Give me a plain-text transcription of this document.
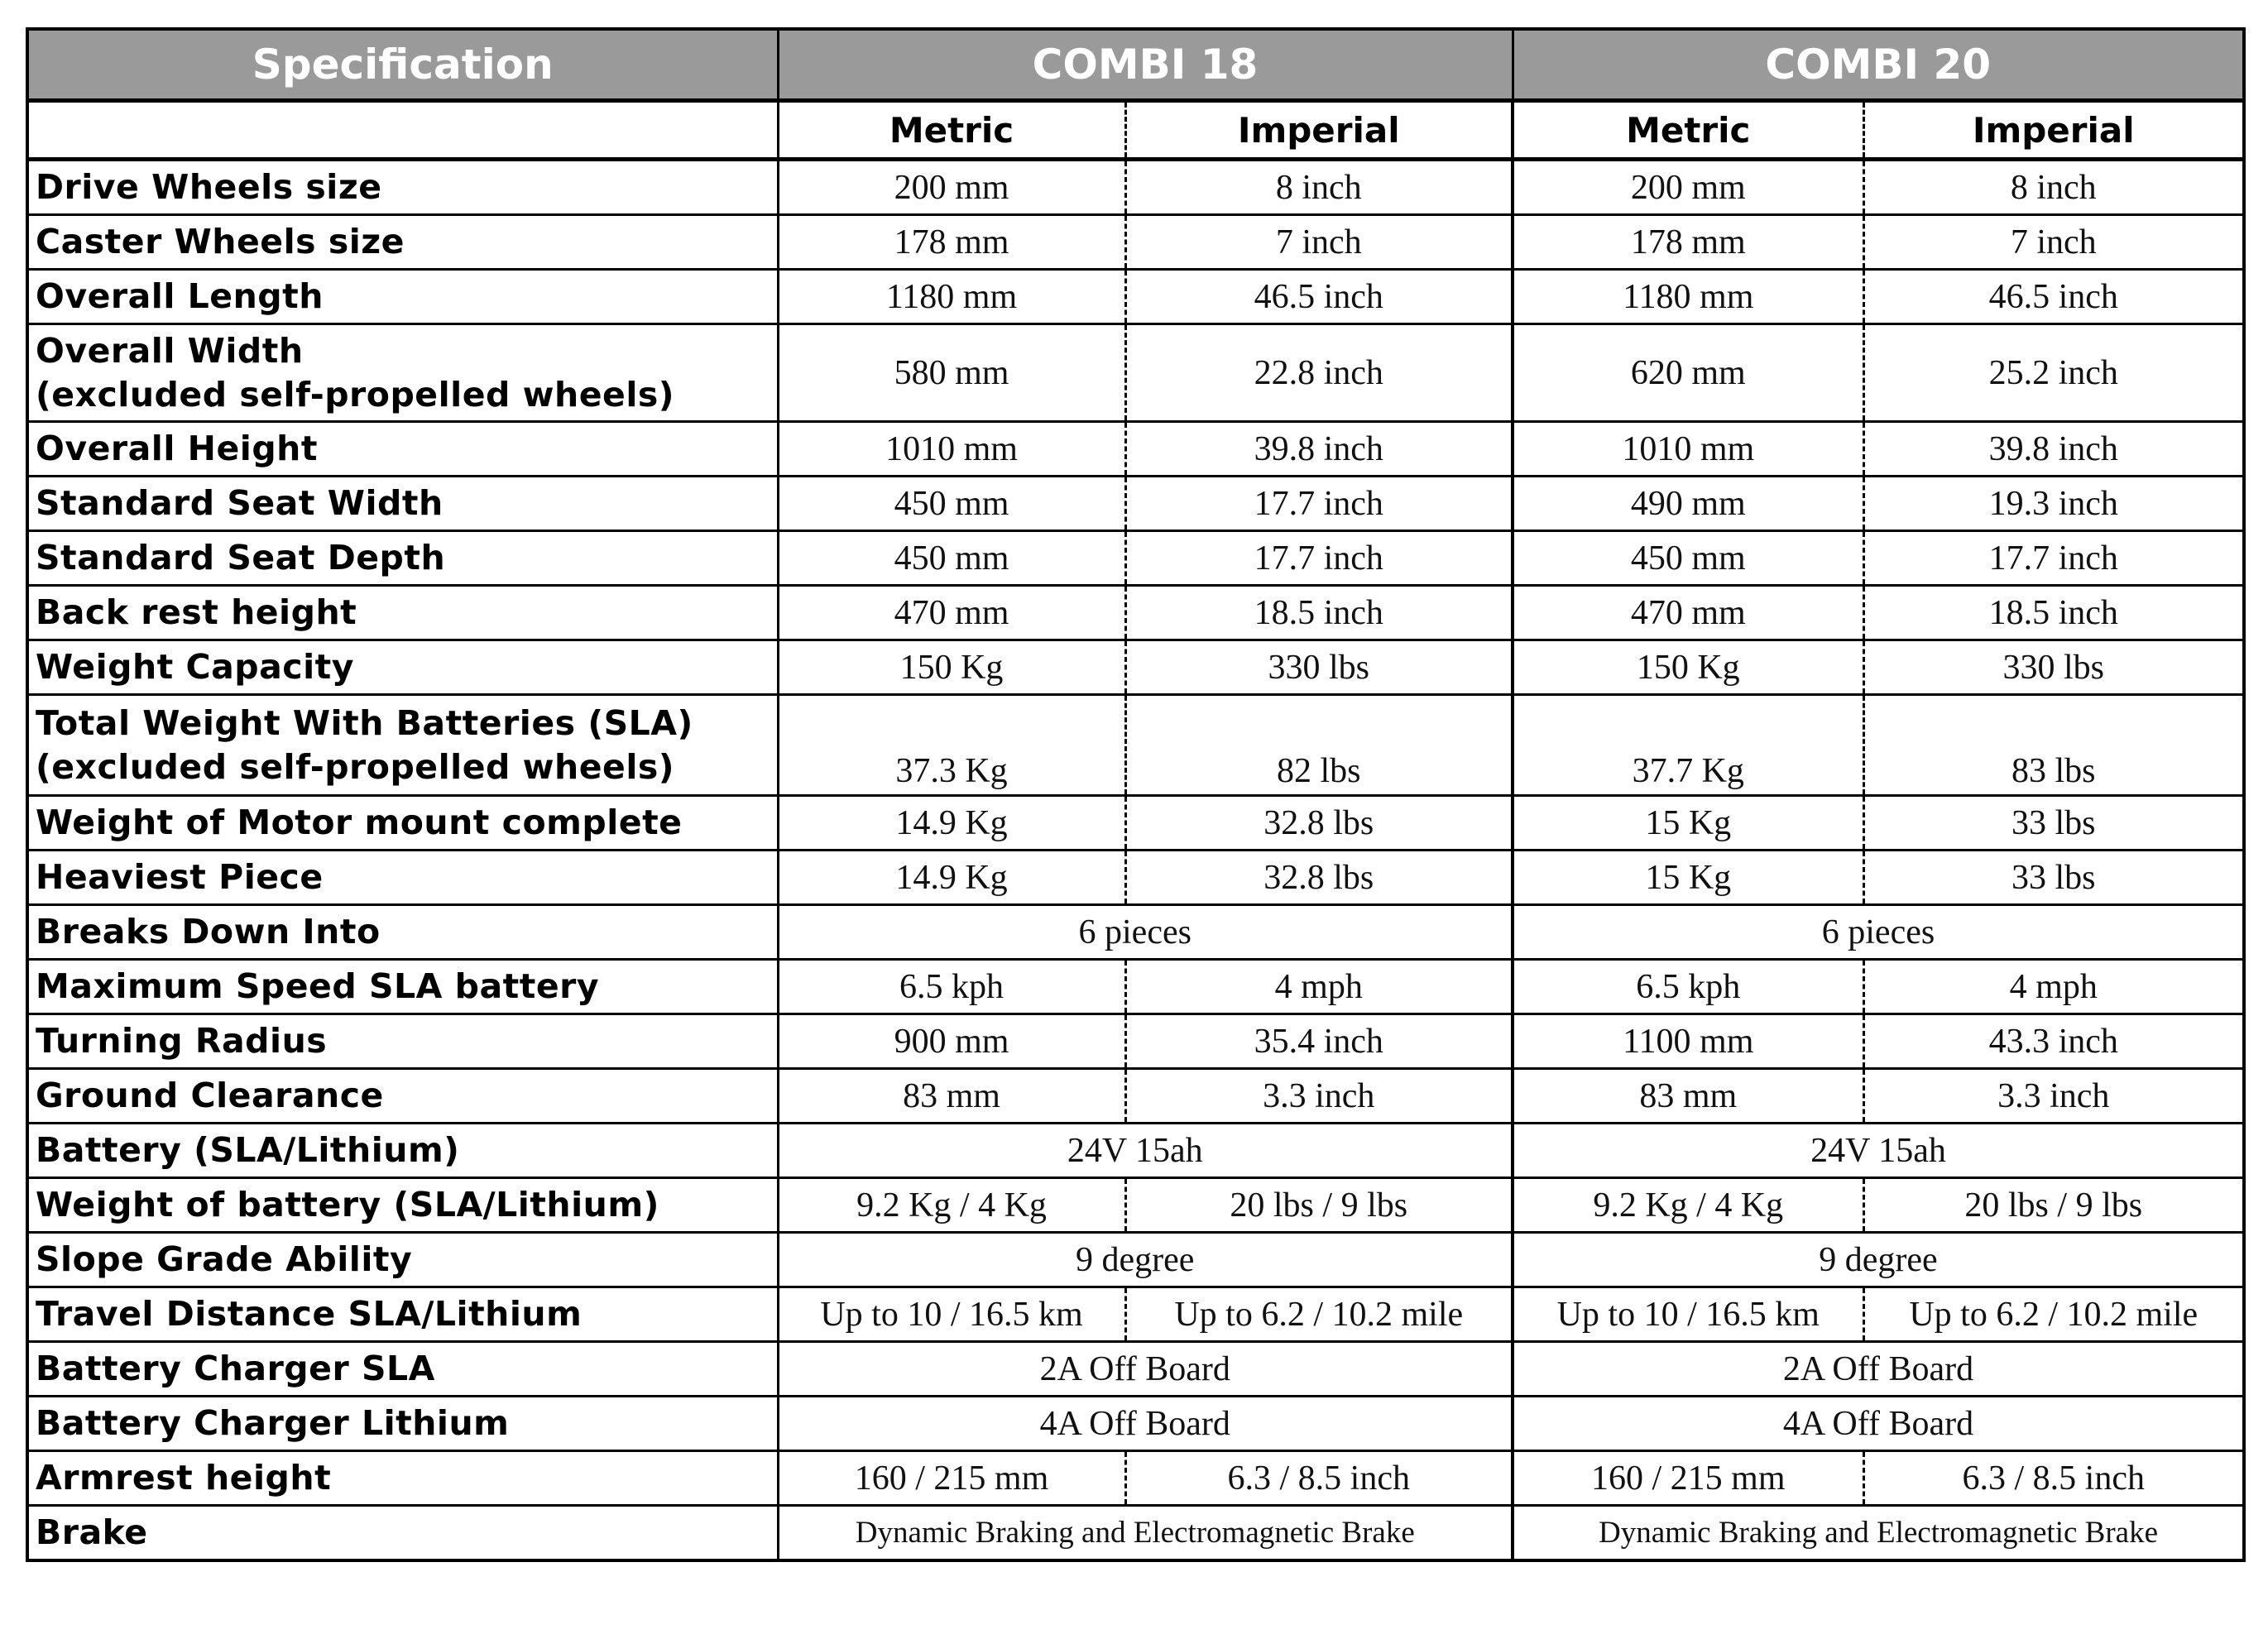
Specification	COMBI 18		COMBI 20	
	Metric	Imperial	Metric	Imperial

Drive Wheels size	200 mm	8 inch	200 mm	8 inch

Caster Wheels size	178 mm	7 inch	178 mm	7 inch

Overall Length	1180 mm	46.5 inch	1180 mm	46.5 inch

Overall Width
(excluded self-propelled wheels)	580 mm	22.8 inch	620 mm	25.2 inch

Overall Height	1010 mm	39.8 inch	1010 mm	39.8 inch

Standard Seat Width	450 mm	17.7 inch	490 mm	19.3 inch

Standard Seat Depth	450 mm	17.7 inch	450 mm	17.7 inch

Back rest height	470 mm	18.5 inch	470 mm	18.5 inch

Weight Capacity	150 Kg	330 lbs	150 Kg	330 lbs

Total Weight With Batteries (SLA)
(excluded self-propelled wheels)	37.3 Kg	82 lbs	37.7 Kg	83 lbs

Weight of Motor mount complete	14.9 Kg	32.8 lbs	15 Kg	33 lbs

Heaviest Piece	14.9 Kg	32.8 lbs	15 Kg	33 lbs

Breaks Down Into	6 pieces		6 pieces	

Maximum Speed SLA battery	6.5 kph	4 mph	6.5 kph	4 mph

Turning Radius	900 mm	35.4 inch	1100 mm	43.3 inch

Ground Clearance	83 mm	3.3 inch	83 mm	3.3 inch

Battery (SLA/Lithium)	24V 15ah		24V 15ah	

Weight of battery (SLA/Lithium)	9.2 Kg / 4 Kg	20 lbs / 9 lbs	9.2 Kg / 4 Kg	20 lbs / 9 lbs

Slope Grade Ability	9 degree		9 degree	

Travel Distance SLA/Lithium	Up to 10 / 16.5 km	Up to 6.2 / 10.2 mile	Up to 10 / 16.5 km	Up to 6.2 / 10.2 mile

Battery Charger SLA	2A Off Board		2A Off Board	

Battery Charger Lithium	4A Off Board		4A Off Board	

Armrest height	160 / 215 mm	6.3 / 8.5 inch	160 / 215 mm	6.3 / 8.5 inch

Brake	Dynamic Braking and Electromagnetic Brake		Dynamic Braking and Electromagnetic Brake	
